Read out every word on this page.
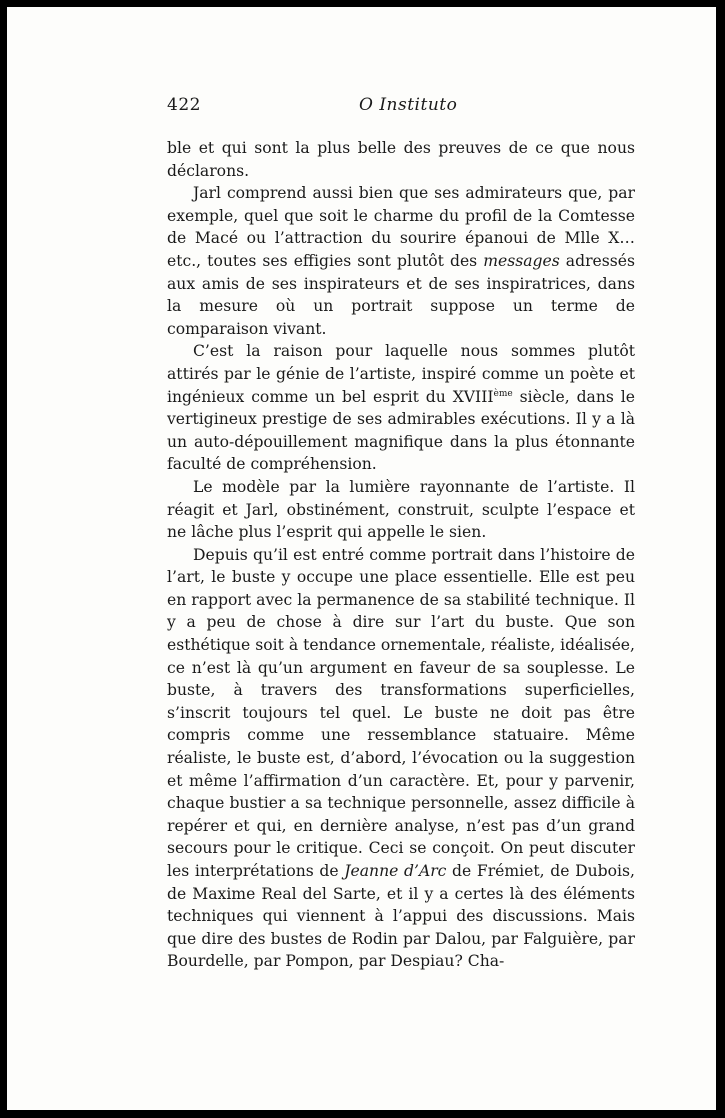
422	O Instituto

ble et qui sont la plus belle des preuves de ce que nous déclarons.

Jarl comprend aussi bien que ses admirateurs que, par exemple, quel que soit le charme du profil de la Comtesse de Macé ou l’attraction du sourire épanoui de Mlle X… etc., toutes ses effigies sont plutôt des messages adressés aux amis de ses inspirateurs et de ses inspiratrices, dans la mesure où un portrait suppose un terme de comparaison vivant.

C’est la raison pour laquelle nous sommes plutôt attirés par le génie de l’artiste, inspiré comme un poète et ingénieux comme un bel esprit du XVIIIème siècle, dans le vertigineux prestige de ses admirables exécutions. Il y a là un auto-dépouillement magnifique dans la plus étonnante faculté de compréhension.

Le modèle par la lumière rayonnante de l’artiste. Il réagit et Jarl, obstinément, construit, sculpte l’espace et ne lâche plus l’esprit qui appelle le sien.

Depuis qu’il est entré comme portrait dans l’histoire de l’art, le buste y occupe une place essentielle. Elle est peu en rapport avec la permanence de sa stabilité technique. Il y a peu de chose à dire sur l’art du buste. Que son esthétique soit à tendance ornementale, réaliste, idéalisée, ce n’est là qu’un argument en faveur de sa souplesse. Le buste, à travers des transformations superficielles, s’inscrit toujours tel quel. Le buste ne doit pas être compris comme une ressemblance statuaire. Même réaliste, le buste est, d’abord, l’évocation ou la suggestion et même l’affirmation d’un caractère. Et, pour y parvenir, chaque bustier a sa technique personnelle, assez difficile à repérer et qui, en dernière analyse, n’est pas d’un grand secours pour le critique. Ceci se conçoit. On peut discuter les interprétations de Jeanne d’Arc de Frémiet, de Dubois, de Maxime Real del Sarte, et il y a certes là des éléments techniques qui viennent à l’appui des discussions. Mais que dire des bustes de Rodin par Dalou, par Falguière, par Bourdelle, par Pompon, par Despiau? Cha-
